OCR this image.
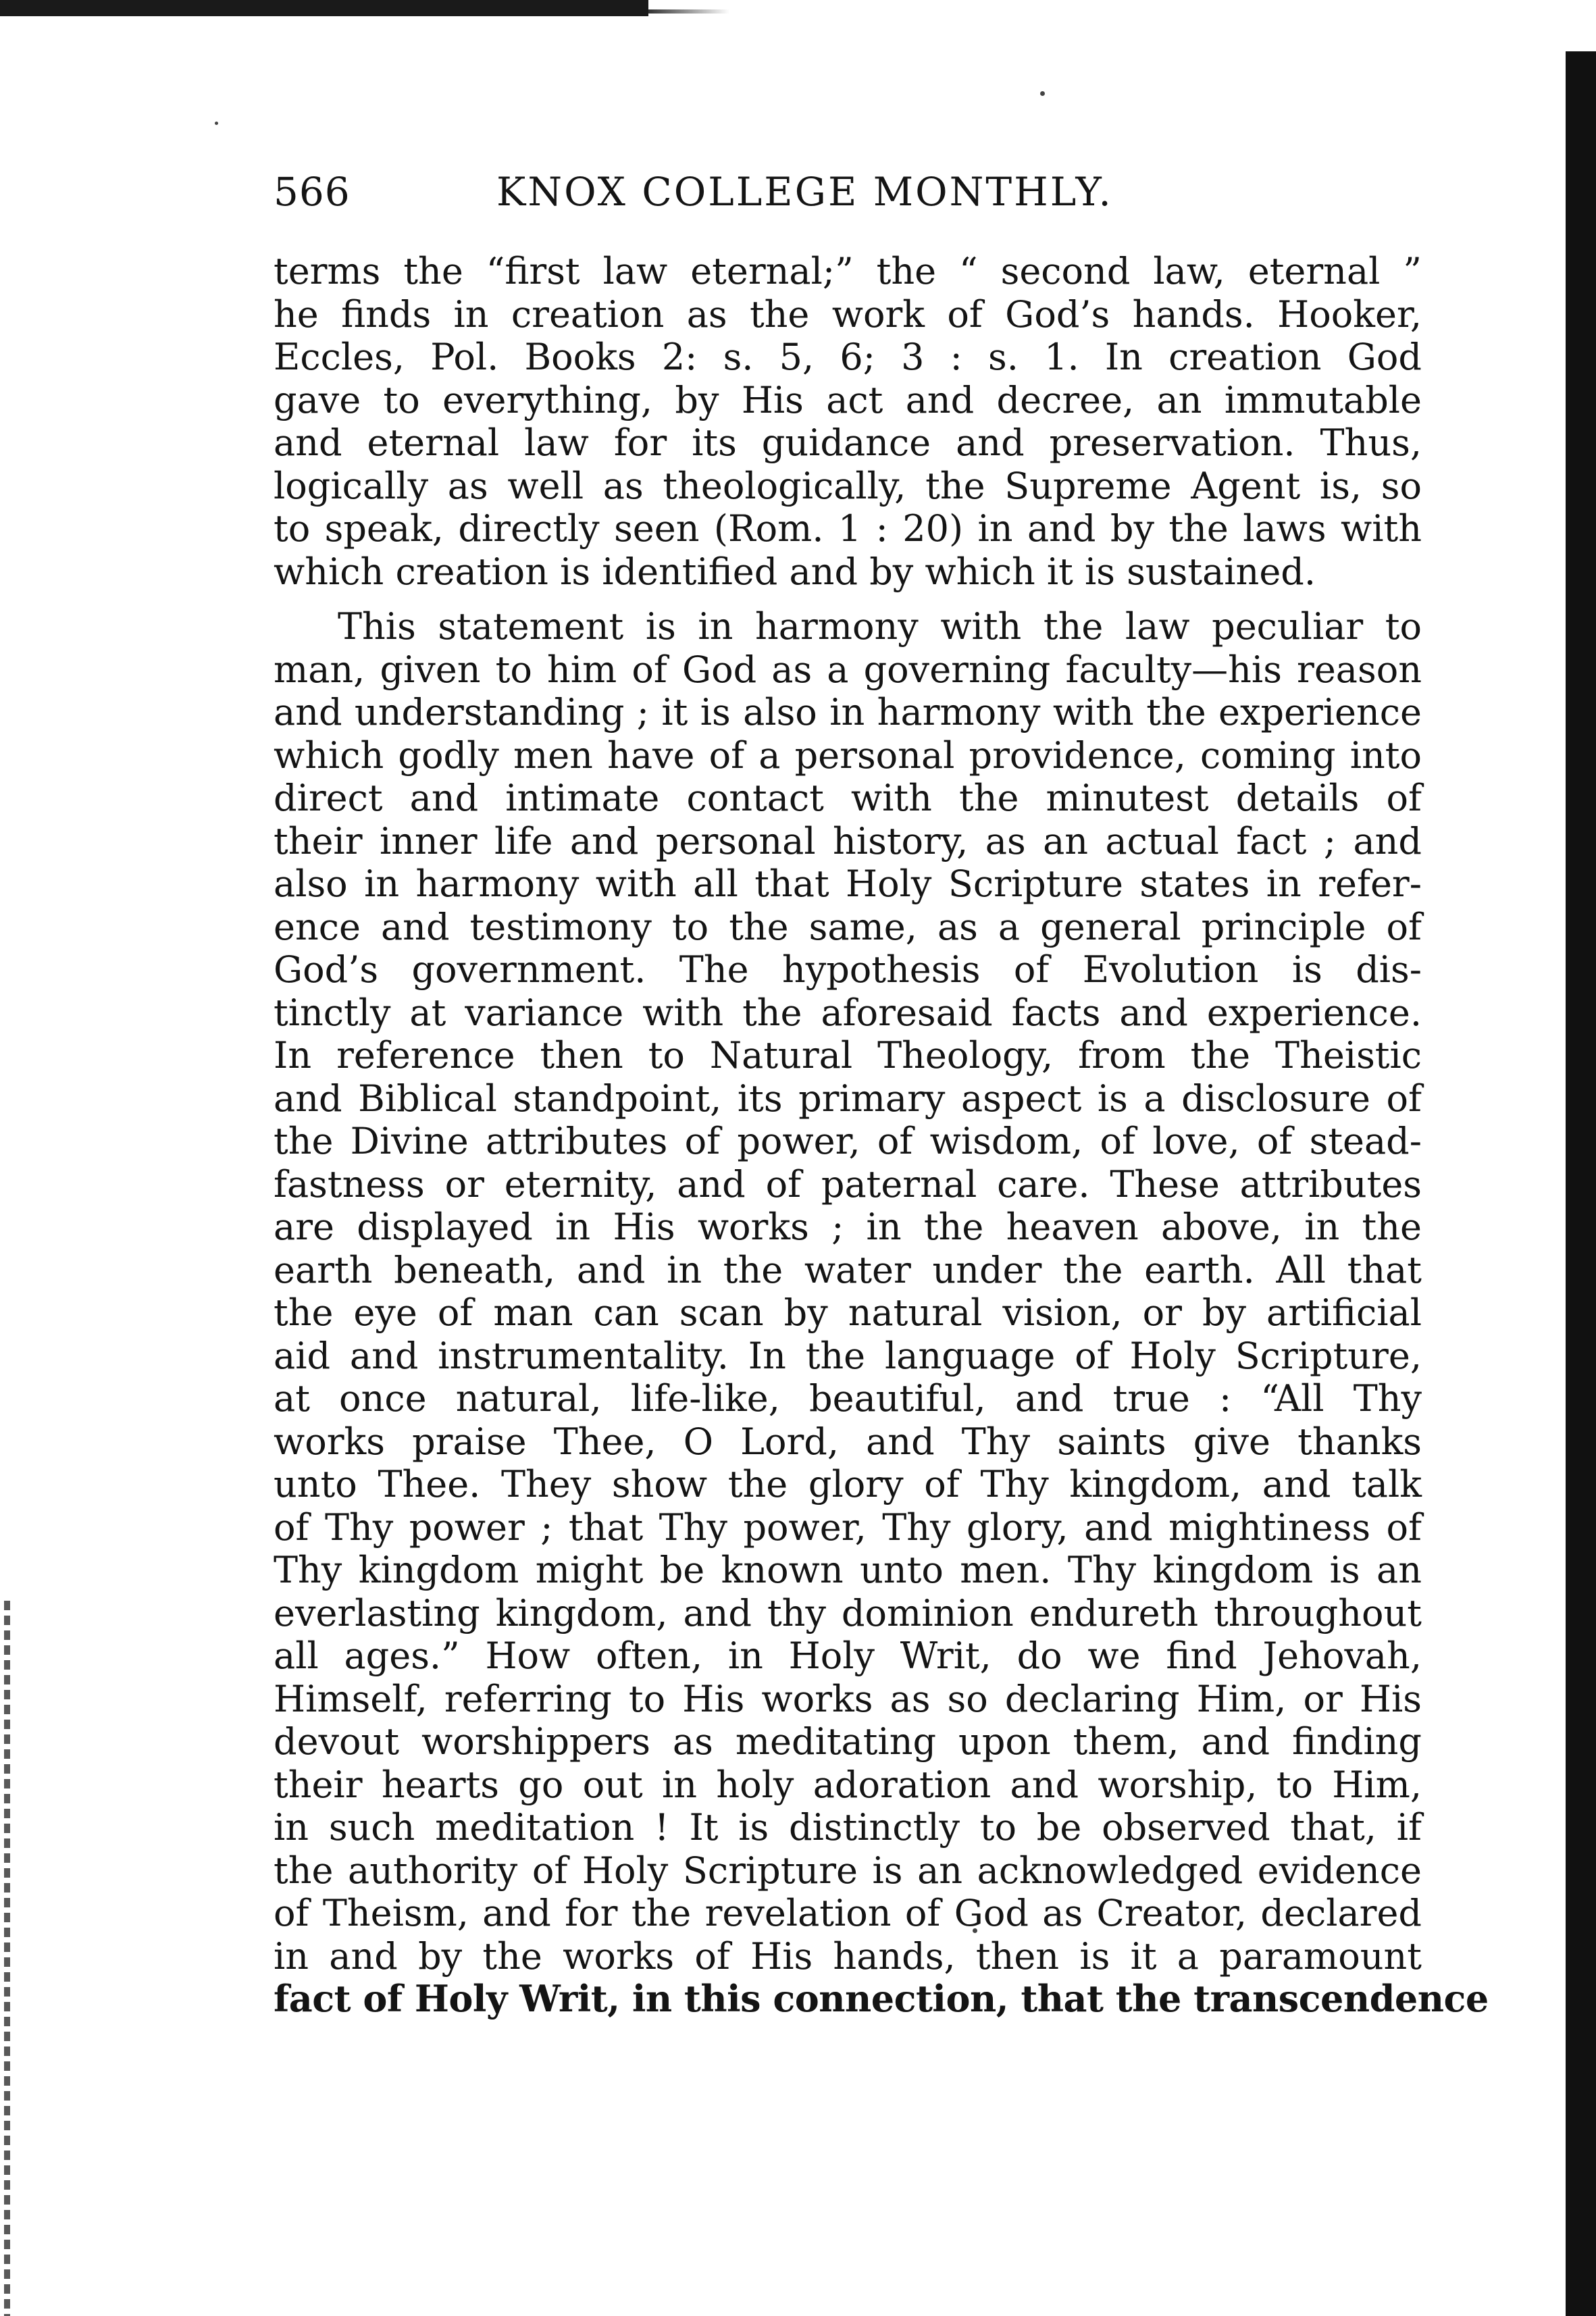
566	KNOX COLLEGE MONTHLY.
terms the “first law eternal;” the “ second law, eternal ”
he finds in creation as the work of God’s hands. Hooker,
Eccles, Pol. Books 2: s. 5, 6; 3 : s. 1. In creation God
gave to everything, by His act and decree, an immutable
and eternal law for its guidance and preservation. Thus,
logically as well as theologically, the Supreme Agent is, so
to speak, directly seen (Rom. 1 : 20) in and by the laws with
which creation is identified and by which it is sustained.
This statement is in harmony with the law peculiar to
man, given to him of God as a governing faculty—his reason
and understanding ; it is also in harmony with the experience
which godly men have of a personal providence, coming into
direct and intimate contact with the minutest details of
their inner life and personal history, as an actual fact ; and
also in harmony with all that Holy Scripture states in refer-
ence and testimony to the same, as a general principle of
God’s government. The hypothesis of Evolution is dis-
tinctly at variance with the aforesaid facts and experience.
In reference then to Natural Theology, from the Theistic
and Biblical standpoint, its primary aspect is a disclosure of
the Divine attributes of power, of wisdom, of love, of stead-
fastness or eternity, and of paternal care. These attributes
are displayed in His works ; in the heaven above, in the
earth beneath, and in the water under the earth. All that
the eye of man can scan by natural vision, or by artificial
aid and instrumentality. In the language of Holy Scripture,
at once natural, life-like, beautiful, and true : “All Thy
works praise Thee, O Lord, and Thy saints give thanks
unto Thee. They show the glory of Thy kingdom, and talk
of Thy power ; that Thy power, Thy glory, and mightiness of
Thy kingdom might be known unto men. Thy kingdom is an
everlasting kingdom, and thy dominion endureth throughout
all ages.” How often, in Holy Writ, do we find Jehovah,
Himself, referring to His works as so declaring Him, or His
devout worshippers as meditating upon them, and finding
their hearts go out in holy adoration and worship, to Him,
in such meditation ! It is distinctly to be observed that, if
the authority of Holy Scripture is an acknowledged evidence
of Theism, and for the revelation of God as Creator, declared
in and by the works of His hands, then is it a paramount
fact of Holy Writ, in this connection, that the transcendence
